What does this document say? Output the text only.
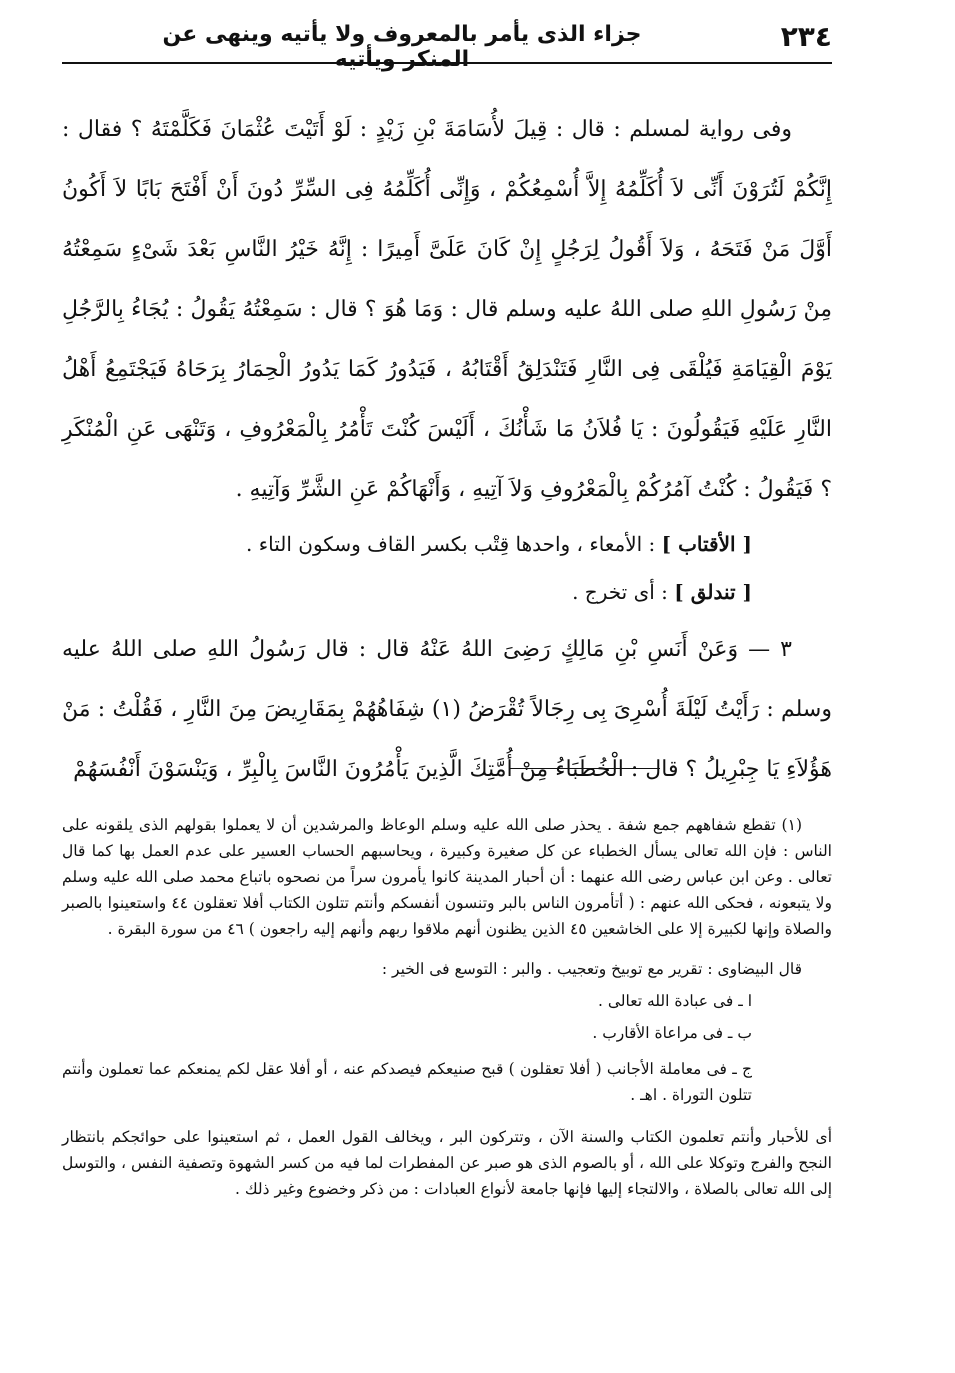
٢٣٤
جزاء الذى يأمر بالمعروف ولا يأتيه وينهى عن المنكر ويأتيه

وفى رواية لمسلم : قال : قِيلَ لأُسَامَةَ بْنِ زَيْدٍ : لَوْ أَتَيْتَ عُثْمَانَ فَكَلَّمْتَهُ ؟ فقال : إِنَّكُمْ لَتُرَوْنَ أَنِّى لاَ أُكَلِّمُهُ إِلاَّ أُسْمِعُكُمْ ، وَإِنِّى أُكَلِّمُهُ فِى السِّرِّ دُونَ أَنْ أَفْتَحَ بَابًا لاَ أَكُونُ أَوَّلَ مَنْ فَتَحَهُ ، وَلاَ أَقُولُ لِرَجُلٍ إِنْ كَانَ عَلَىَّ أَمِيرًا : إِنَّهُ خَيْرُ النَّاسِ بَعْدَ شَىْءٍ سَمِعْتُهُ مِنْ رَسُولِ اللهِ صلى اللهُ عليه وسلم قال : وَمَا هُوَ ؟ قال : سَمِعْتُهُ يَقُولُ : يُجَاءُ بِالرَّجُلِ يَوْمَ الْقِيَامَةِ فَيُلْقَى فِى النَّارِ فَتَنْدَلِقُ أَقْتَابُهُ ، فَيَدُورُ كَمَا يَدُورُ الْحِمَارُ بِرَحَاهُ فَيَجْتَمِعُ أَهْلُ النَّارِ عَلَيْهِ فَيَقُولُونَ : يَا فُلاَنُ مَا شَأْنُكَ ، أَلَيْسَ كُنْتَ تَأْمُرُ بِالْمَعْرُوفِ ، وَتَنْهَى عَنِ الْمُنْكَرِ ؟ فَيَقُولُ : كُنْتُ آمُرُكُمْ بِالْمَعْرُوفِ وَلاَ آتِيهِ ، وَأَنْهَاكُمْ عَنِ الشَّرِّ وَآتِيهِ .

[ الأقتاب ] : الأمعاء ، واحدها قِتْب بكسر القاف وسكون التاء .

[ تندلق ] : أى تخرج .

٣ — وَعَنْ أَنَسِ بْنِ مَالِكٍ رَضِىَ اللهُ عَنْهُ قال : قال رَسُولُ اللهِ صلى اللهُ عليه وسلم : رَأَيْتُ لَيْلَةَ أُسْرِىَ بِى رِجَالاً تُقْرَضُ (١) شِفَاهُهُمْ بِمَقَارِيضَ مِنَ النَّارِ ، فَقُلْتُ : مَنْ هَؤُلاَءِ يَا جِبْرِيلُ ؟ قال : الْخُطَبَاءُ مِنْ أُمَّتِكَ الَّذِينَ يَأْمُرُونَ النَّاسَ بِالْبِرِّ ، وَيَنْسَوْنَ أَنْفُسَهُمْ

(١) تقطع شفاههم جمع شفة . يحذر صلى الله عليه وسلم الوعاظ والمرشدين أن لا يعملوا بقولهم الذى يلقونه على الناس : فإن الله تعالى يسأل الخطباء عن كل صغيرة وكبيرة ، ويحاسبهم الحساب العسير على عدم العمل بها كما قال تعالى . وعن ابن عباس رضى الله عنهما : أن أحبار المدينة كانوا يأمرون سراً من نصحوه باتباع محمد صلى الله عليه وسلم ولا يتبعونه ، فحكى الله عنهم : ( أتأمرون الناس بالبر وتنسون أنفسكم وأنتم تتلون الكتاب أفلا تعقلون ٤٤ واستعينوا بالصبر والصلاة وإنها لكبيرة إلا على الخاشعين ٤٥ الذين يظنون أنهم ملاقوا ربهم وأنهم إليه راجعون ) ٤٦ من سورة البقرة .

قال البيضاوى : تقرير مع توبيخ وتعجيب . والبر : التوسع فى الخير :

ا ـ فى عبادة الله تعالى .

ب ـ فى مراعاة الأقارب .

ج ـ فى معاملة الأجانب ( أفلا تعقلون ) قبح صنيعكم فيصدكم عنه ، أو أفلا عقل لكم يمنعكم عما تعملون وأنتم تتلون التوراة . اهـ .

أى للأحبار وأنتم تعلمون الكتاب والسنة الآن ، وتتركون البر ، ويخالف القول العمل ، ثم استعينوا على حوائجكم بانتظار النجح والفرج وتوكلا على الله ، أو بالصوم الذى هو صبر عن المفطرات لما فيه من كسر الشهوة وتصفية النفس ، والتوسل إلى الله تعالى بالصلاة ، والالتجاء إليها فإنها جامعة لأنواع العبادات : من ذكر وخضوع وغير ذلك .
